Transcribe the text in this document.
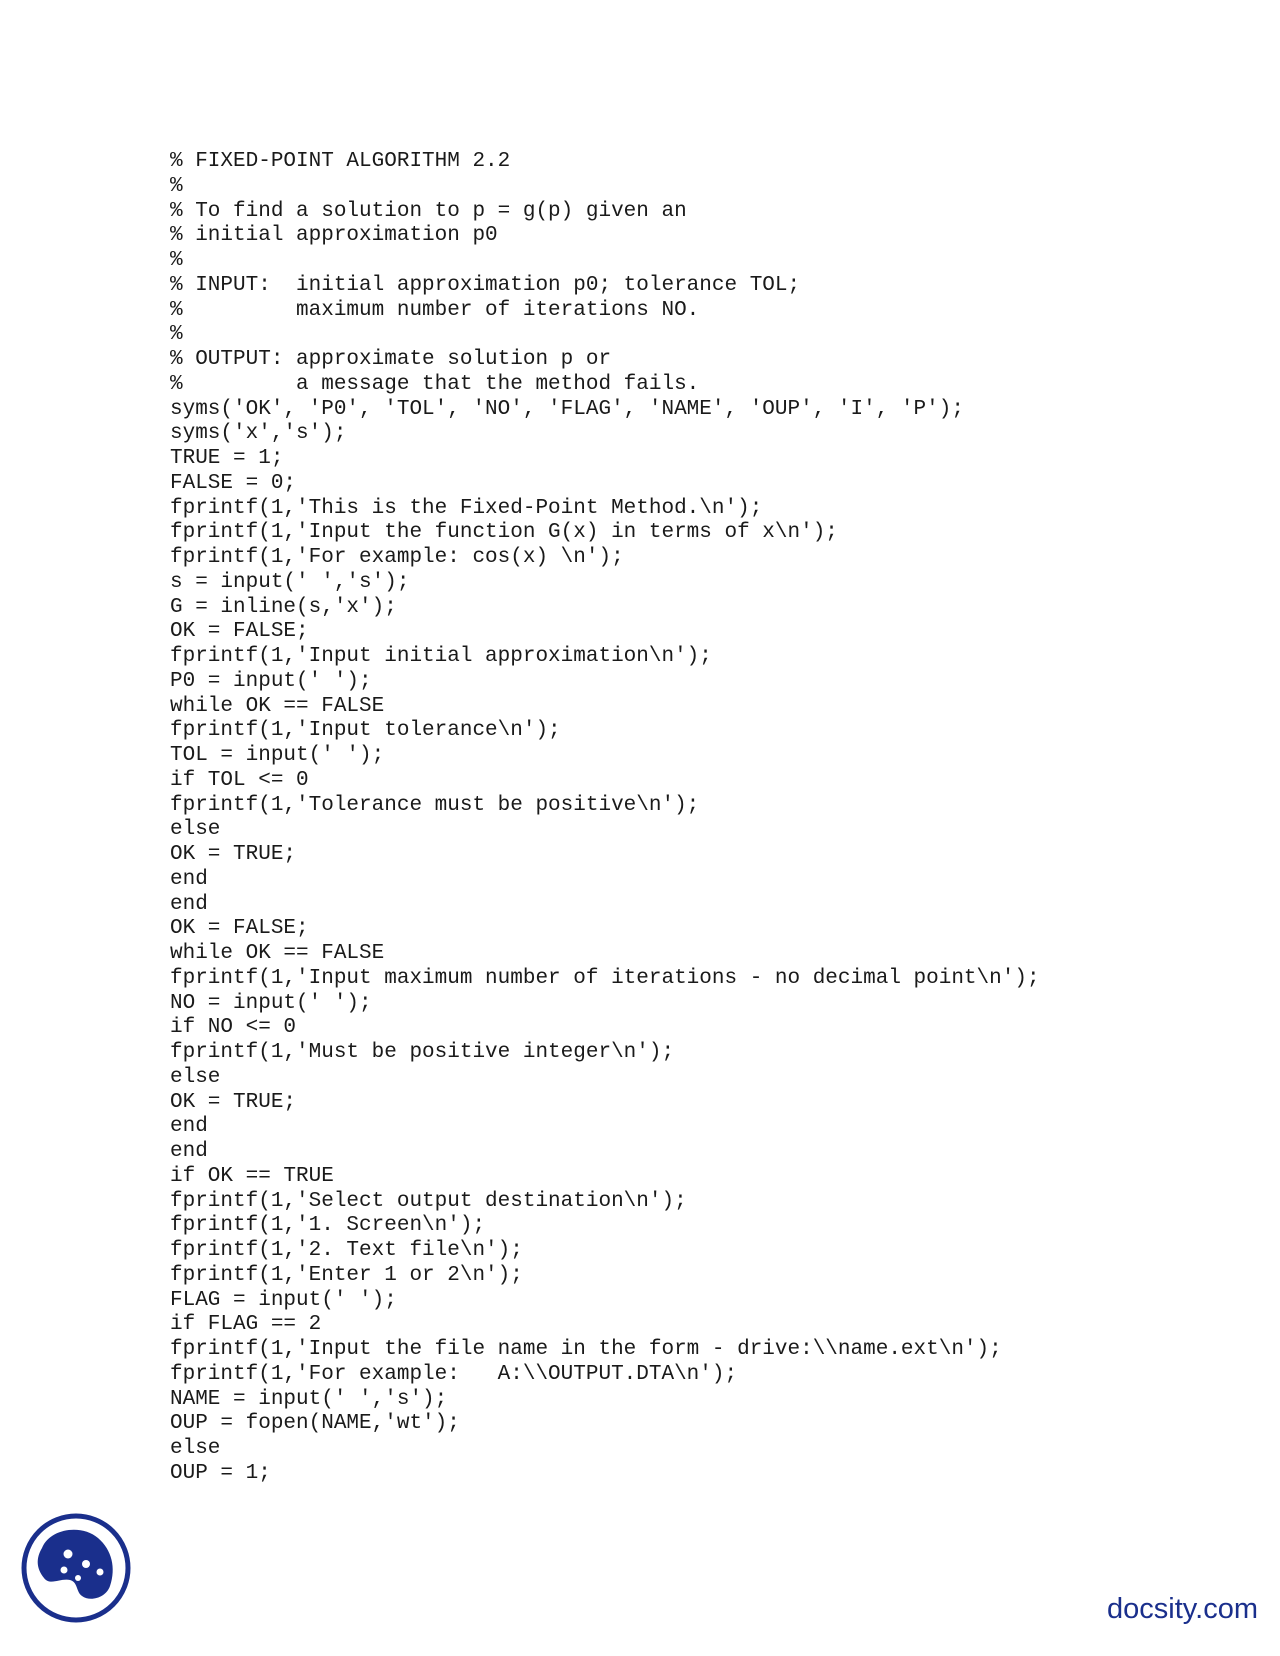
% FIXED-POINT ALGORITHM 2.2
%
% To find a solution to p = g(p) given an
% initial approximation p0
%
% INPUT:  initial approximation p0; tolerance TOL;
%         maximum number of iterations NO.
%
% OUTPUT: approximate solution p or
%         a message that the method fails.
syms('OK', 'P0', 'TOL', 'NO', 'FLAG', 'NAME', 'OUP', 'I', 'P');
syms('x','s');
TRUE = 1;
FALSE = 0;
fprintf(1,'This is the Fixed-Point Method.\n');
fprintf(1,'Input the function G(x) in terms of x\n');
fprintf(1,'For example: cos(x) \n');
s = input(' ','s');
G = inline(s,'x');
OK = FALSE;
fprintf(1,'Input initial approximation\n');
P0 = input(' ');
while OK == FALSE
fprintf(1,'Input tolerance\n');
TOL = input(' ');
if TOL <= 0
fprintf(1,'Tolerance must be positive\n');
else
OK = TRUE;
end
end
OK = FALSE;
while OK == FALSE
fprintf(1,'Input maximum number of iterations - no decimal point\n');
NO = input(' ');
if NO <= 0
fprintf(1,'Must be positive integer\n');
else
OK = TRUE;
end
end
if OK == TRUE
fprintf(1,'Select output destination\n');
fprintf(1,'1. Screen\n');
fprintf(1,'2. Text file\n');
fprintf(1,'Enter 1 or 2\n');
FLAG = input(' ');
if FLAG == 2
fprintf(1,'Input the file name in the form - drive:\\name.ext\n');
fprintf(1,'For example:   A:\\OUTPUT.DTA\n');
NAME = input(' ','s');
OUP = fopen(NAME,'wt');
else
OUP = 1;
docsity.com
